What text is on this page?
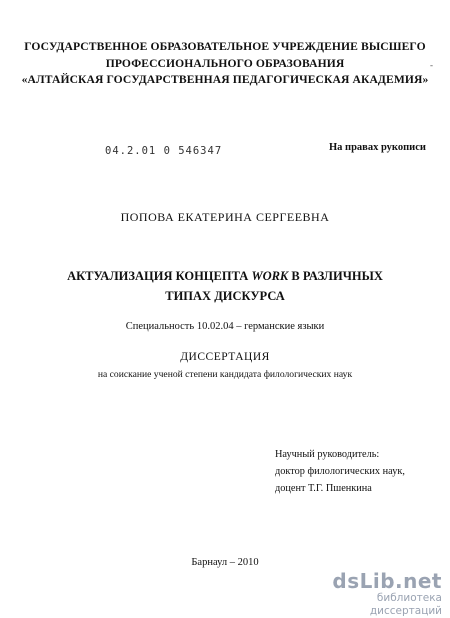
ГОСУДАРСТВЕННОЕ ОБРАЗОВАТЕЛЬНОЕ УЧРЕЖДЕНИЕ ВЫСШЕГО
ПРОФЕССИОНАЛЬНОГО ОБРАЗОВАНИЯ
«АЛТАЙСКАЯ ГОСУДАРСТВЕННАЯ ПЕДАГОГИЧЕСКАЯ АКАДЕМИЯ»
-
04.2.01 0 546347	На правах рукописи
ПОПОВА ЕКАТЕРИНА СЕРГЕЕВНА
АКТУАЛИЗАЦИЯ КОНЦЕПТА WORK В РАЗЛИЧНЫХ
ТИПАХ ДИСКУРСА
Специальность 10.02.04 – германские языки
ДИССЕРТАЦИЯ
на соискание ученой степени кандидата филологических наук
Научный руководитель:
доктор филологических наук,
доцент Т.Г. Пшенкина
Барнаул – 2010
dsLib.net
библиотека диссертаций
